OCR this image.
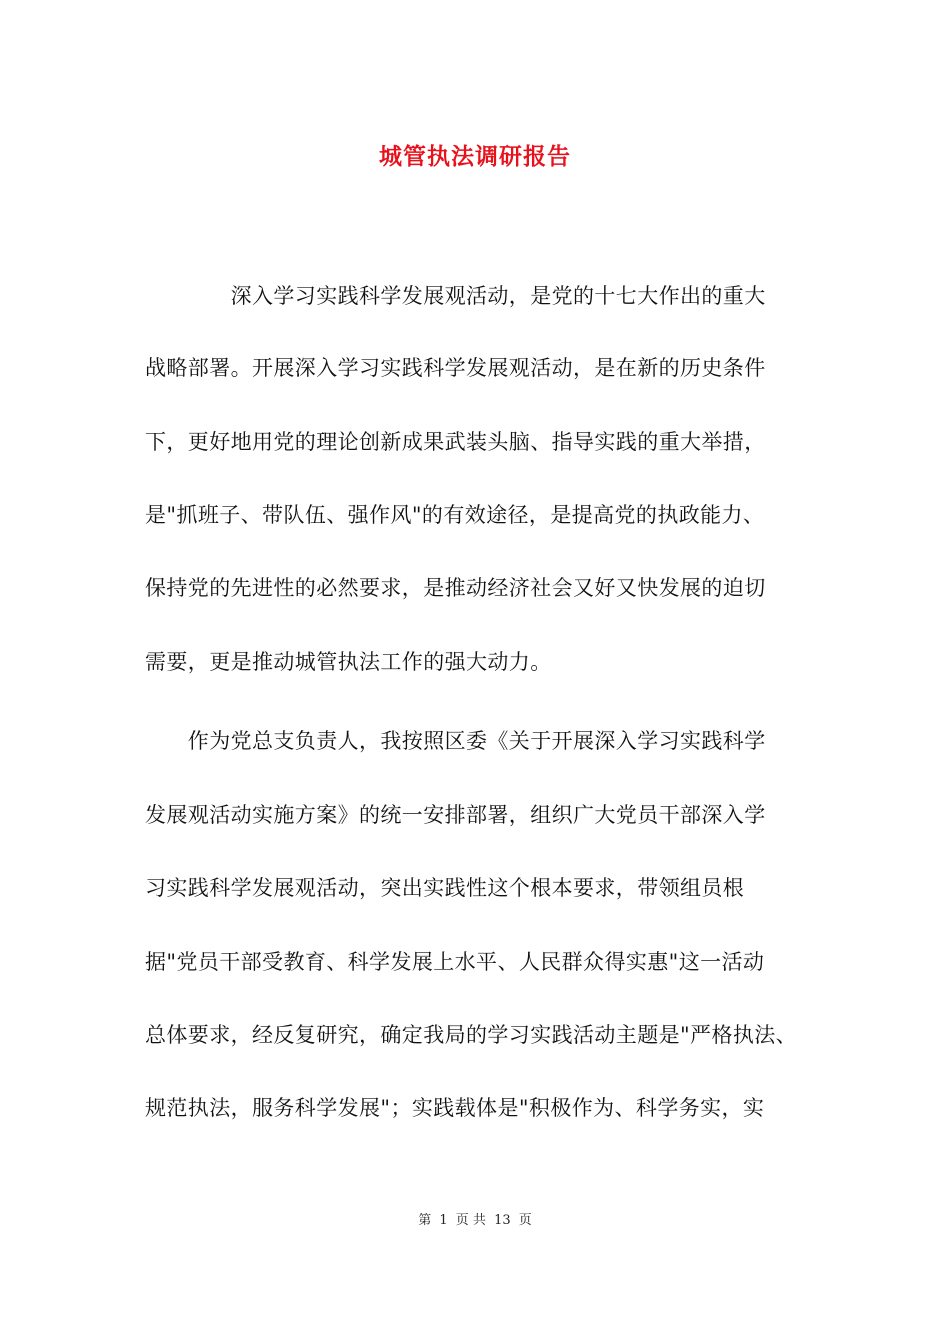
城管执法调研报告
　　　　深入学习实践科学发展观活动，是党的十七大作出的重大
战略部署。开展深入学习实践科学发展观活动，是在新的历史条件
下，更好地用党的理论创新成果武装头脑、指导实践的重大举措，
是"抓班子、带队伍、强作风"的有效途径，是提高党的执政能力、
保持党的先进性的必然要求，是推动经济社会又好又快发展的迫切
需要，更是推动城管执法工作的强大动力。
　　作为党总支负责人，我按照区委《关于开展深入学习实践科学
发展观活动实施方案》的统一安排部署，组织广大党员干部深入学
习实践科学发展观活动，突出实践性这个根本要求，带领组员根
据"党员干部受教育、科学发展上水平、人民群众得实惠"这一活动
总体要求，经反复研究，确定我局的学习实践活动主题是"严格执法、
规范执法，服务科学发展"；实践载体是"积极作为、科学务实，实
第 1 页 共 13 页
